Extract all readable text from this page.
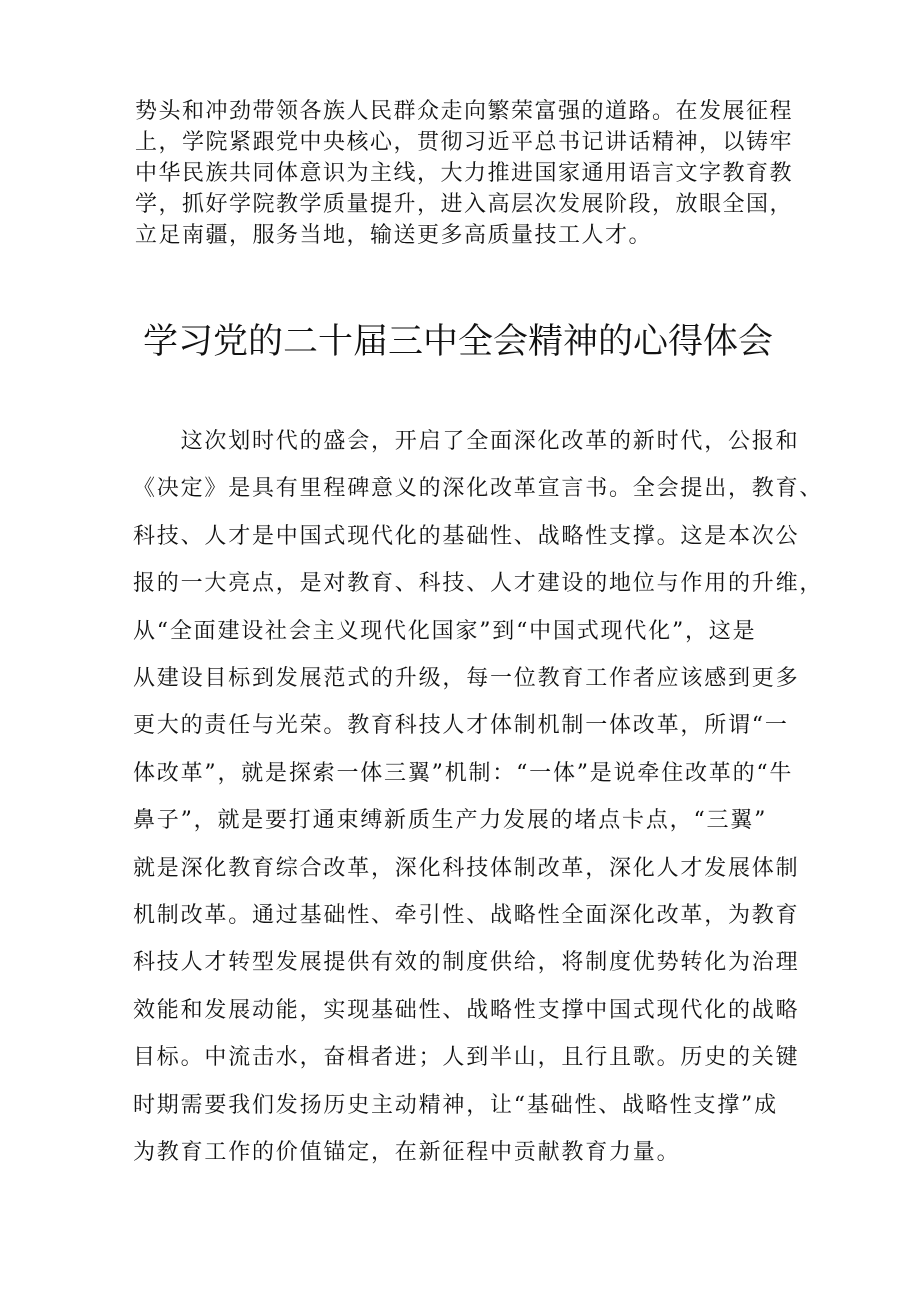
势头和冲劲带领各族人民群众走向繁荣富强的道路。在发展征程
上，学院紧跟党中央核心，贯彻习近平总书记讲话精神，以铸牢
中华民族共同体意识为主线，大力推进国家通用语言文字教育教
学，抓好学院教学质量提升，进入高层次发展阶段，放眼全国，
立足南疆，服务当地，输送更多高质量技工人才。
学习党的二十届三中全会精神的心得体会
　　这次划时代的盛会，开启了全面深化改革的新时代，公报和
《决定》是具有里程碑意义的深化改革宣言书。全会提出，教育、
科技、人才是中国式现代化的基础性、战略性支撑。这是本次公
报的一大亮点，是对教育、科技、人才建设的地位与作用的升维，
从“全面建设社会主义现代化国家”到“中国式现代化”，这是
从建设目标到发展范式的升级，每一位教育工作者应该感到更多
更大的责任与光荣。教育科技人才体制机制一体改革，所谓“一
体改革”，就是探索一体三翼”机制：“一体”是说牵住改革的“牛
鼻子”，就是要打通束缚新质生产力发展的堵点卡点，“三翼”
就是深化教育综合改革，深化科技体制改革，深化人才发展体制
机制改革。通过基础性、牵引性、战略性全面深化改革，为教育
科技人才转型发展提供有效的制度供给，将制度优势转化为治理
效能和发展动能，实现基础性、战略性支撑中国式现代化的战略
目标。中流击水，奋楫者进；人到半山，且行且歌。历史的关键
时期需要我们发扬历史主动精神，让“基础性、战略性支撑”成
为教育工作的价值锚定，在新征程中贡献教育力量。
